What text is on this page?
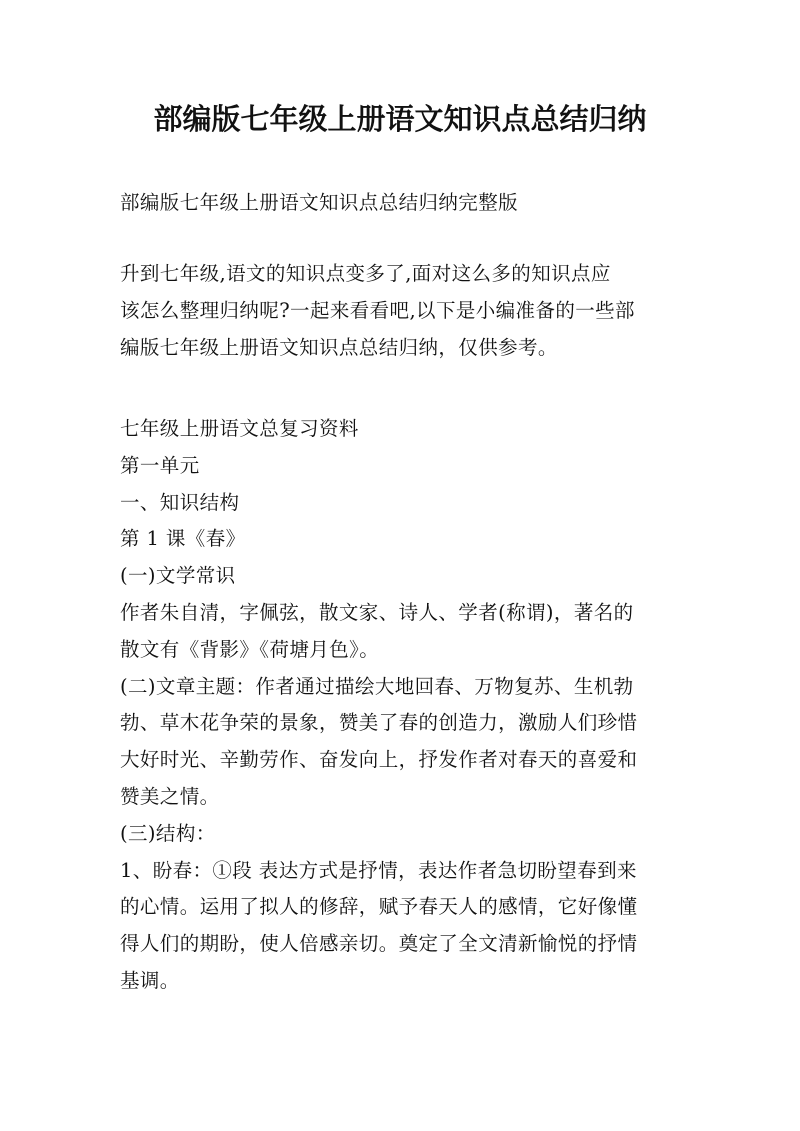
部编版七年级上册语文知识点总结归纳

部编版七年级上册语文知识点总结归纳完整版

升到七年级,语文的知识点变多了,面对这么多的知识点应
该怎么整理归纳呢?一起来看看吧,以下是小编准备的一些部
编版七年级上册语文知识点总结归纳，仅供参考。
七年级上册语文总复习资料
第一单元
一、知识结构
第 1 课《春》
(一)文学常识
作者朱自清，字佩弦，散文家、诗人、学者(称谓)，著名的
散文有《背影》《荷塘月色》。
(二)文章主题：作者通过描绘大地回春、万物复苏、生机勃
勃、草木花争荣的景象，赞美了春的创造力，激励人们珍惜
大好时光、辛勤劳作、奋发向上，抒发作者对春天的喜爱和
赞美之情。
(三)结构：
1、盼春：①段 表达方式是抒情，表达作者急切盼望春到来
的心情。运用了拟人的修辞，赋予春天人的感情，它好像懂
得人们的期盼，使人倍感亲切。奠定了全文清新愉悦的抒情
基调。
